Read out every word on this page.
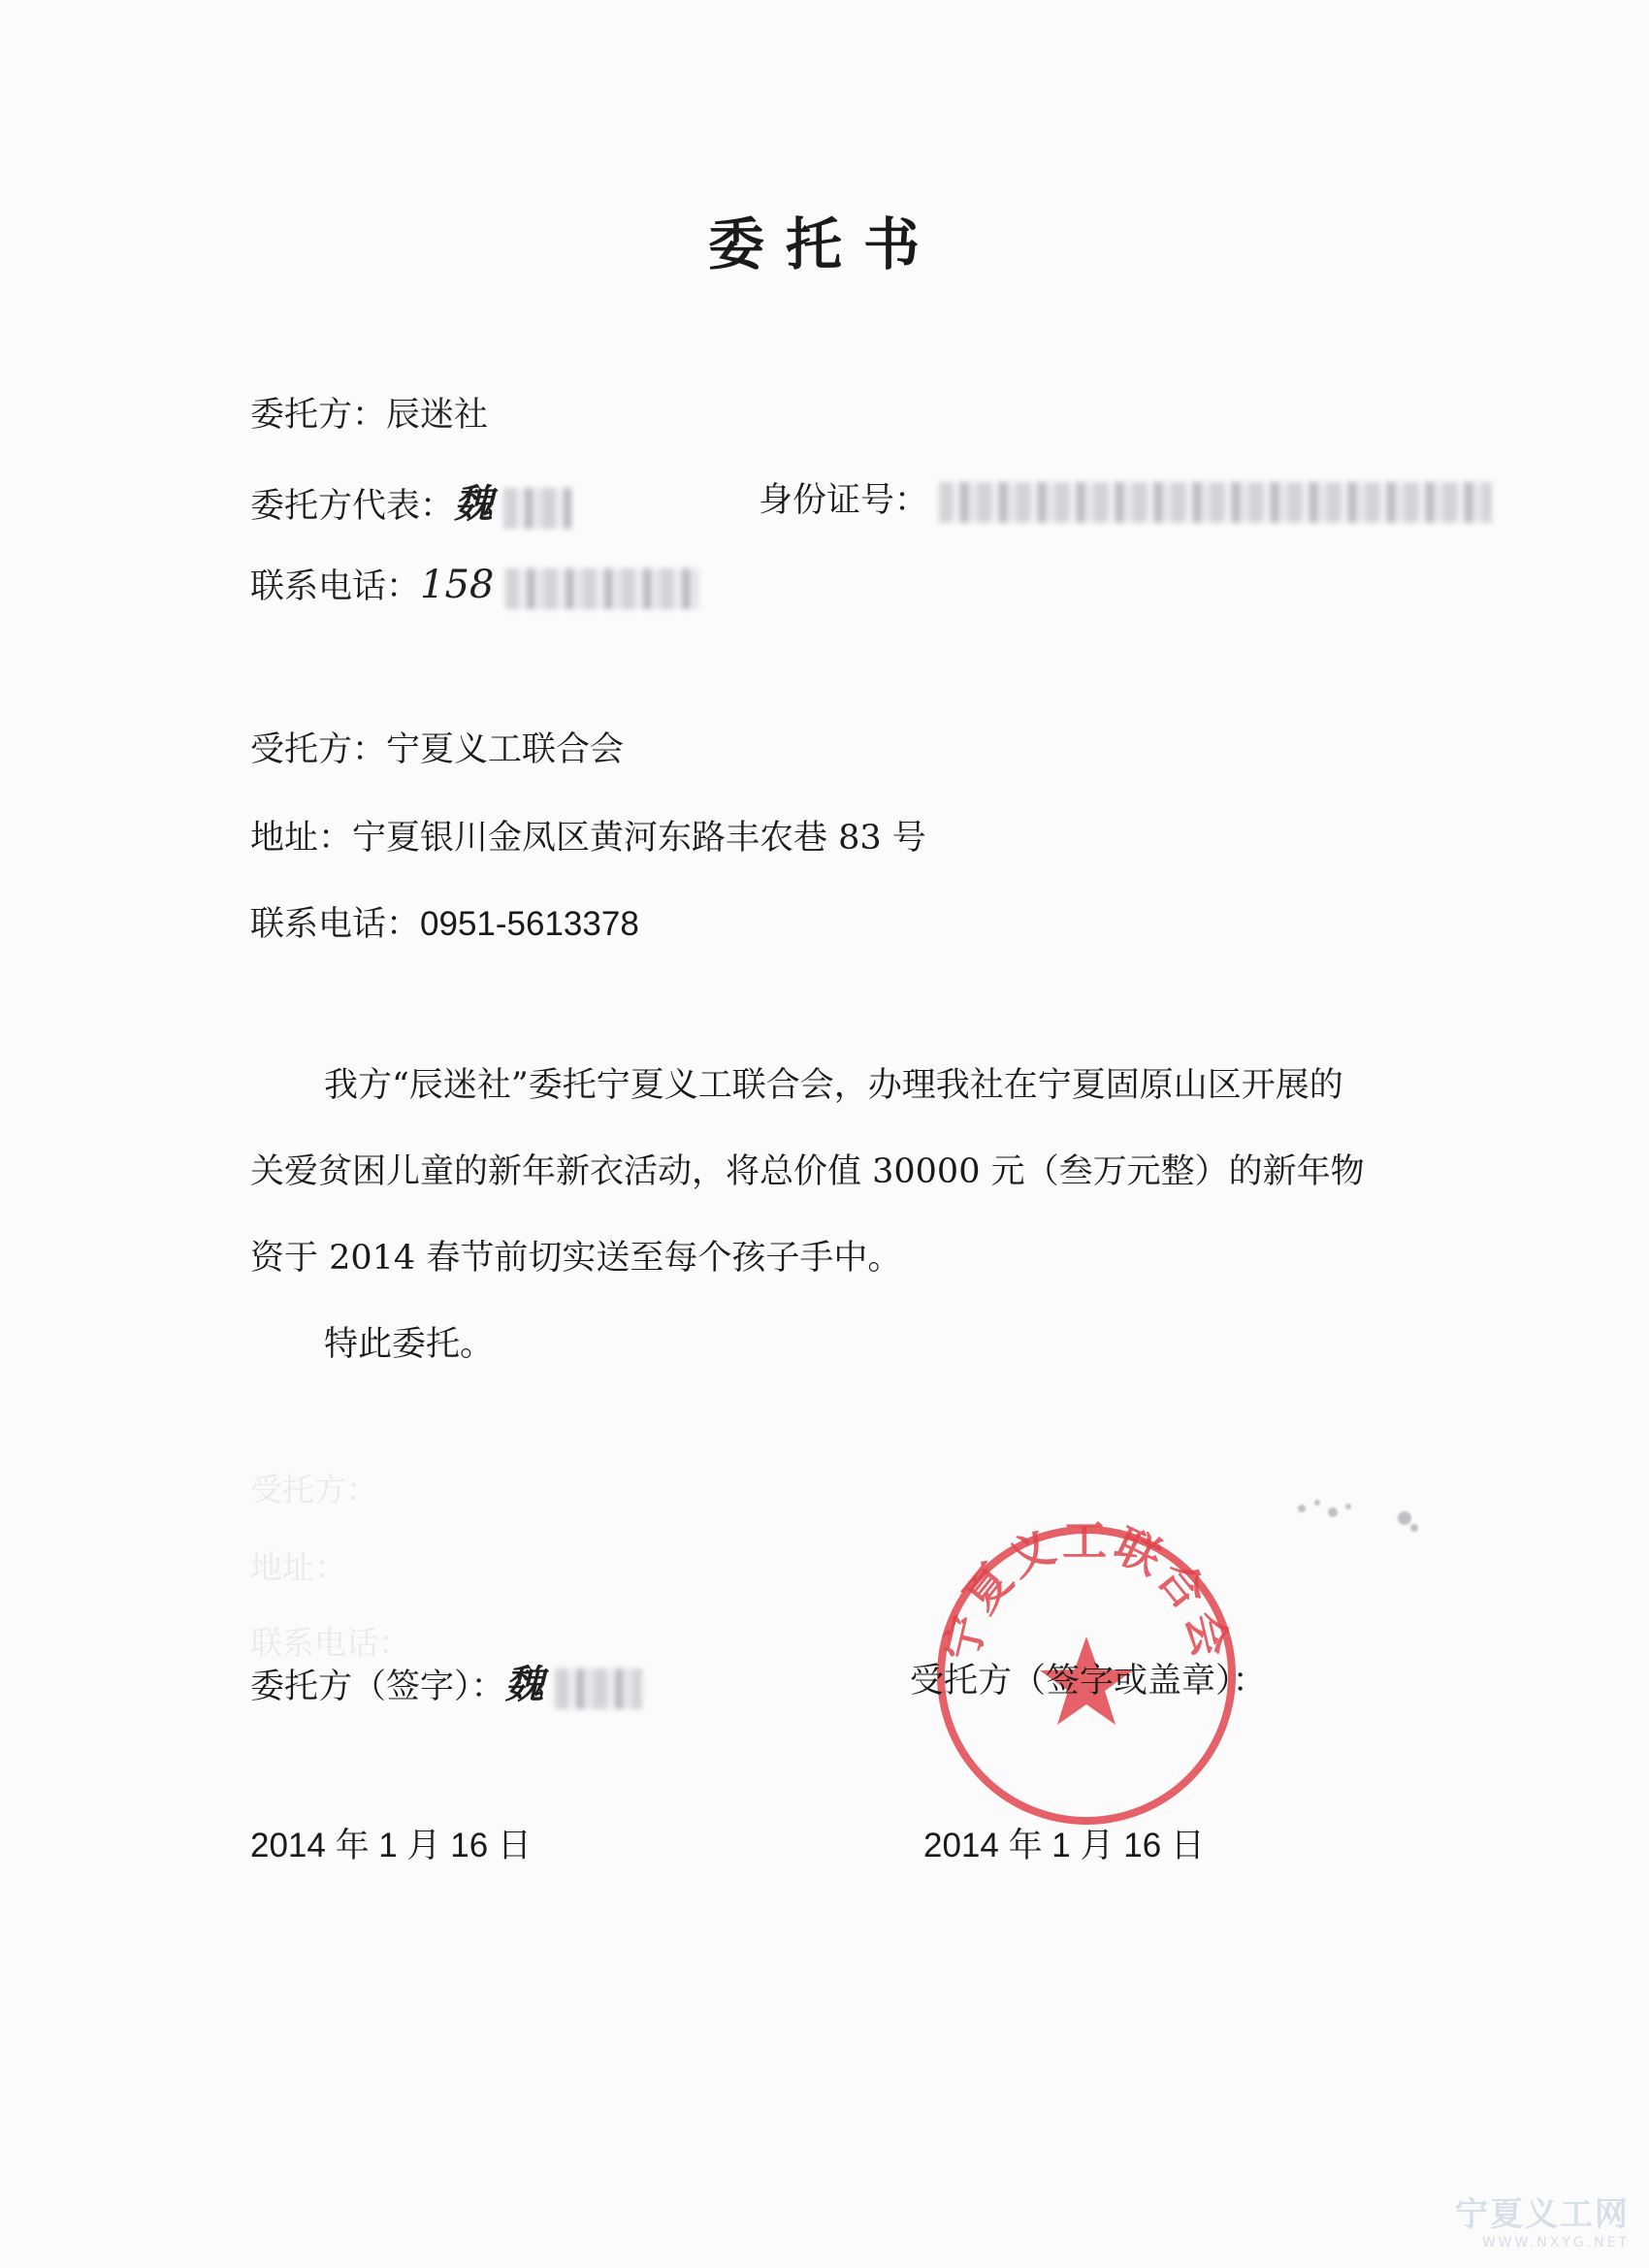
委托书
委托方：辰迷社
委托方代表：魏	身份证号：
联系电话：158
受托方：宁夏义工联合会
地址：宁夏银川金凤区黄河东路丰农巷 83 号
联系电话：0951-5613378

我方“辰迷社”委托宁夏义工联合会，办理我社在宁夏固原山区开展的关爱贫困儿童的新年新衣活动，将总价值 30000 元（叁万元整）的新年物资于 2014 春节前切实送至每个孩子手中。

特此委托。

受托方：
地址：
联系电话：	宁夏义工联合会
委托方（签字）：魏	受托方（签字或盖章）：
2014 年 1 月 16 日	2014 年 1 月 16 日
宁夏义工网
WWW.NXYG.NET
